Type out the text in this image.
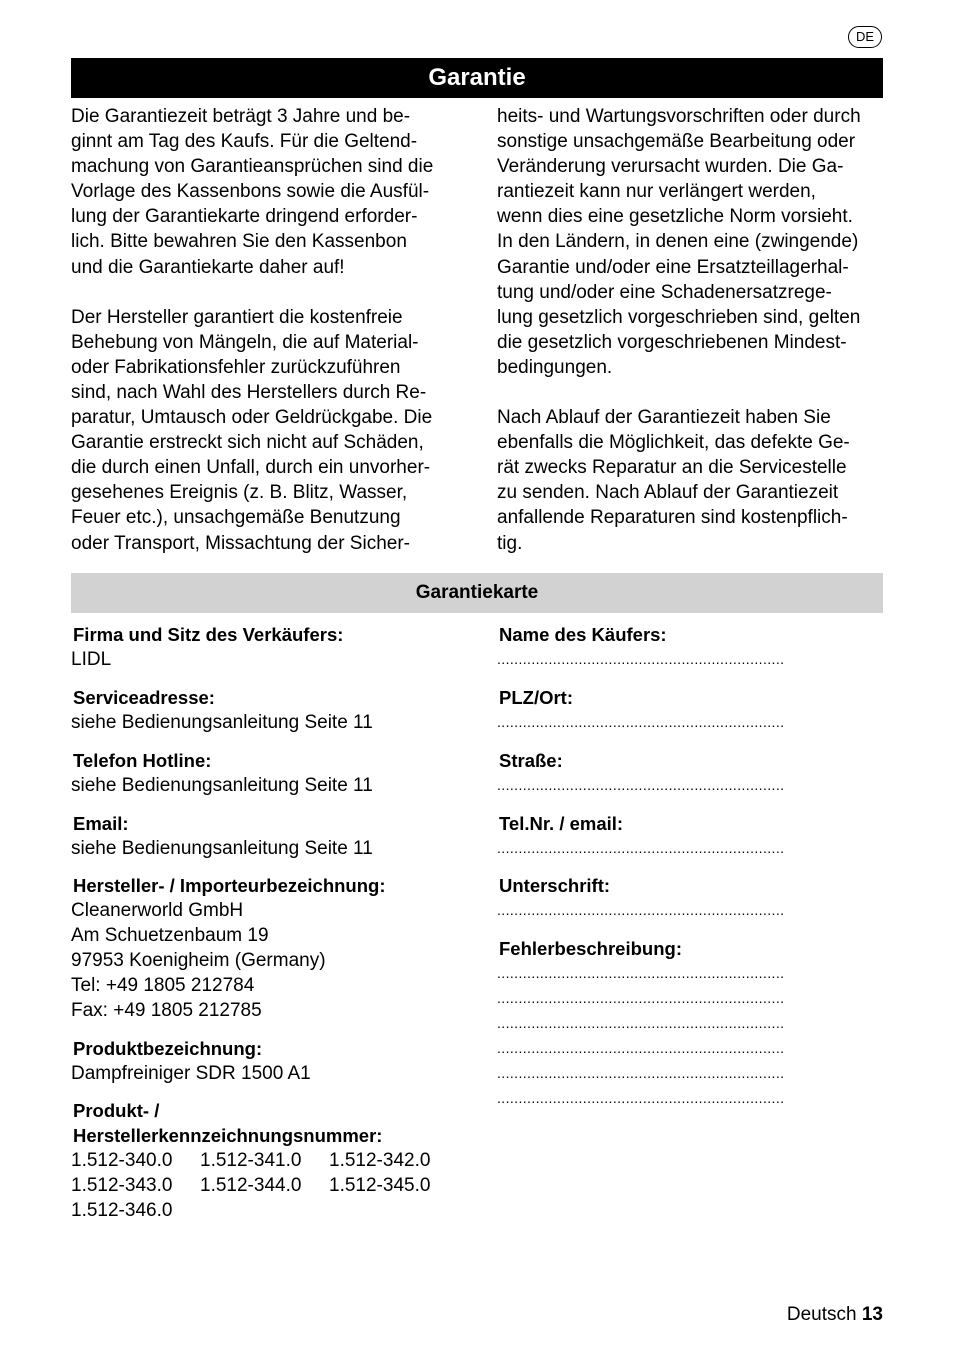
DE
Garantie

Die Garantiezeit beträgt 3 Jahre und be-
ginnt am Tag des Kaufs. Für die Geltend-
machung von Garantieansprüchen sind die
Vorlage des Kassenbons sowie die Ausfül-
lung der Garantiekarte dringend erforder-
lich. Bitte bewahren Sie den Kassenbon
und die Garantiekarte daher auf!

Der Hersteller garantiert die kostenfreie
Behebung von Mängeln, die auf Material-
oder Fabrikationsfehler zurückzuführen
sind, nach Wahl des Herstellers durch Re-
paratur, Umtausch oder Geldrückgabe. Die
Garantie erstreckt sich nicht auf Schäden,
die durch einen Unfall, durch ein unvorher-
gesehenes Ereignis (z. B. Blitz, Wasser,
Feuer etc.), unsachgemäße Benutzung
oder Transport, Missachtung der Sicher-

heits- und Wartungsvorschriften oder durch
sonstige unsachgemäße Bearbeitung oder
Veränderung verursacht wurden. Die Ga-
rantiezeit kann nur verlängert werden,
wenn dies eine gesetzliche Norm vorsieht.
In den Ländern, in denen eine (zwingende)
Garantie und/oder eine Ersatzteillagerhal-
tung und/oder eine Schadenersatzrege-
lung gesetzlich vorgeschrieben sind, gelten
die gesetzlich vorgeschriebenen Mindest-
bedingungen.

Nach Ablauf der Garantiezeit haben Sie
ebenfalls die Möglichkeit, das defekte Ge-
rät zwecks Reparatur an die Servicestelle
zu senden. Nach Ablauf der Garantiezeit
anfallende Reparaturen sind kostenpflich-
tig.

Garantiekarte
Firma und Sitz des Verkäufers:
LIDL
Serviceadresse:
siehe Bedienungsanleitung Seite 11
Telefon Hotline:
siehe Bedienungsanleitung Seite 11
Email:
siehe Bedienungsanleitung Seite 11
Hersteller- / Importeurbezeichnung:
Cleanerworld GmbH
Am Schuetzenbaum 19
97953 Koenigheim (Germany)
Tel: +49 1805 212784
Fax: +49 1805 212785
Produktbezeichnung:
Dampfreiniger SDR 1500 A1
Produkt- /
Herstellerkennzeichnungsnummer:
1.512-340.0	1.512-341.0	1.512-342.0
1.512-343.0	1.512-344.0	1.512-345.0
1.512-346.0
Name des Käufers:
...................................................................
PLZ/Ort:
...................................................................
Straße:
...................................................................
Tel.Nr. / email:
...................................................................
Unterschrift:
...................................................................
Fehlerbeschreibung:
...................................................................
...................................................................
...................................................................
...................................................................
...................................................................
...................................................................
Deutsch 13
